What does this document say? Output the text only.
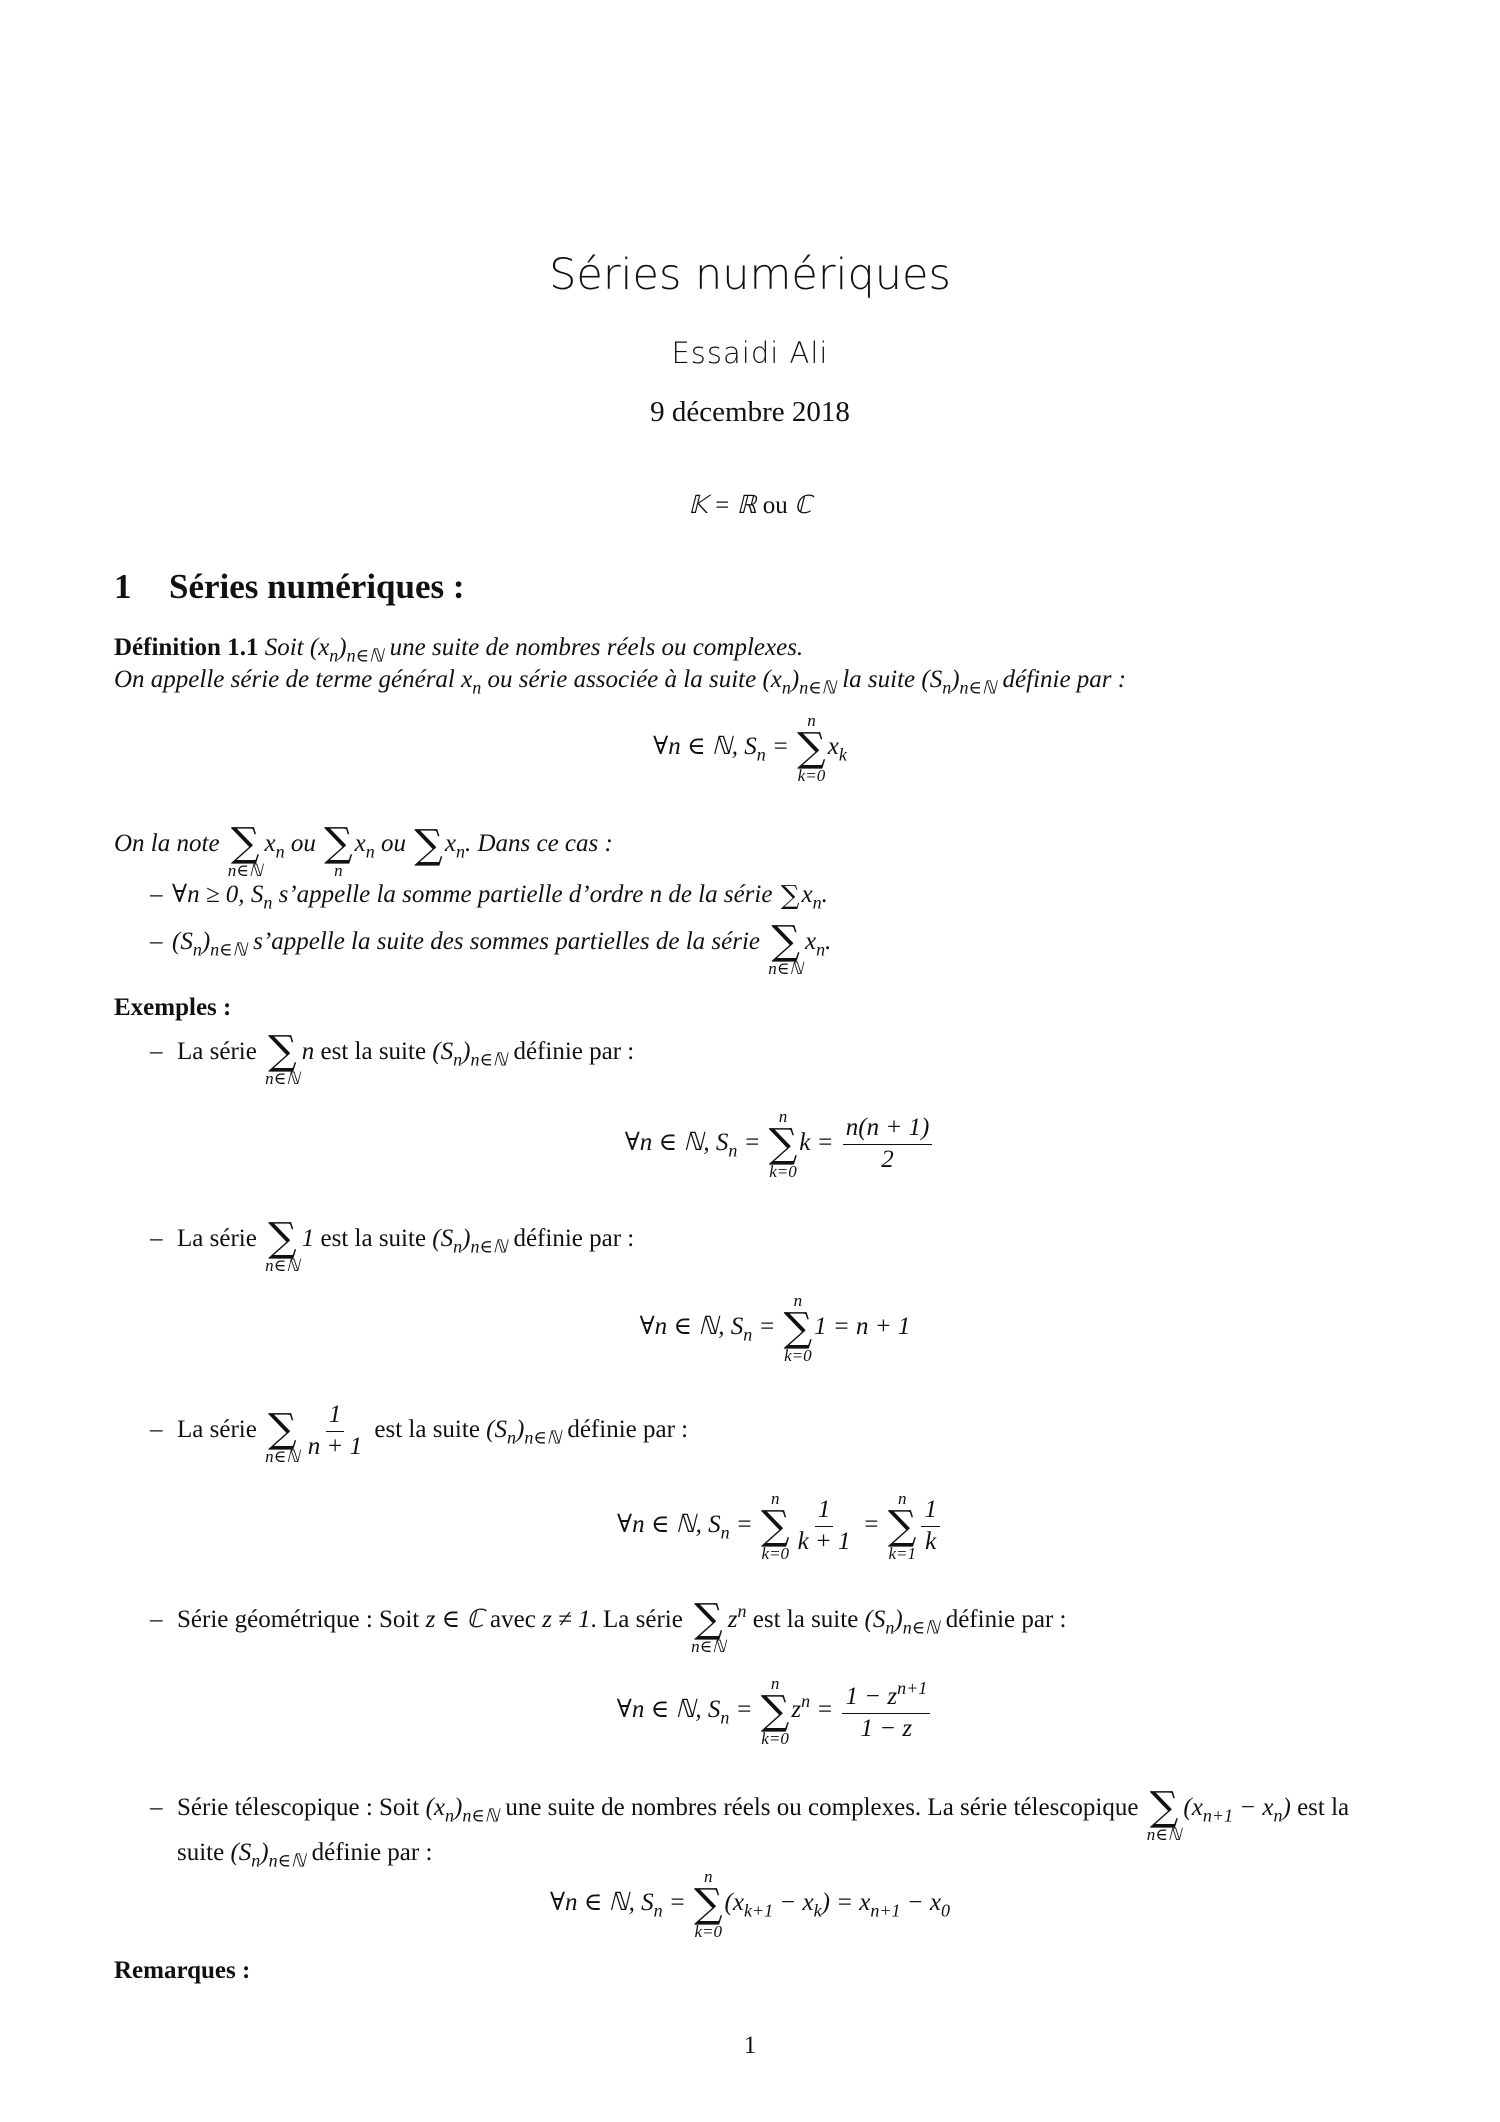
Séries numériques
Essaidi Ali
9 décembre 2018
𝕂 = ℝ ou ℂ
1 Séries numériques :
Définition 1.1 Soit $(x_n)_{n\in ℕ}$ une suite de nombres réels ou complexes.
On appelle série de terme général $x_n$ ou série associée à la suite $(x_n)_{n\in ℕ}$ la suite $(S_n)_{n\in ℕ}$ définie par :
∀n ∈ ℕ, $S_n$ =
n
∑
k=0
$x_k$
On la note ∑
n∈ℕ
$x_n$ ou ∑
n
$x_n$ ou ∑ $x_n$. Dans ce cas :
– ∀n ≥ 0, $S_n$ s’appelle la somme partielle d’ordre n de la série ∑ $x_n$.
– $(S_n)_{n\in ℕ}$ s’appelle la suite des sommes partielles de la série ∑
n∈ℕ
$x_n$.
Exemples :
– La série ∑
n∈ℕ
n est la suite $(S_n)_{n\in ℕ}$ définie par :
∀n ∈ ℕ, $S_n$ =
n
∑
k=0
$k = \frac{n(n + 1)}{2}$
– La série ∑
n∈ℕ
1 est la suite $(S_n)_{n\in ℕ}$ définie par :
∀n ∈ ℕ, $S_n$ =
n
∑
k=0
1 = n + 1
– La série ∑
n∈ℕ $\frac{1}{n + 1}$ est la suite $(S_n)_{n\in ℕ}$ définie par :
∀n ∈ ℕ, $S_n$ =
n
∑
$k=0 \frac{1}{k + 1}$ =
n
∑
$k=1 \frac{1}{k}$
– Série géométrique : Soit z ∈ ℂ avec z ≠ 1. La série ∑
n∈ℕ
$z^n$ est la suite $(S_n)_{n\in ℕ}$ définie par :
∀n ∈ ℕ, $S_n$ =
n
∑
k=0
$z^n = \frac{1 - z^{n+1}}{1 - z}$
– Série télescopique : Soit $(x_n)_{n\in ℕ}$ une suite de nombres réels ou complexes. La série télescopique ∑
n∈ℕ
$(x_{n+1} - x_n)$ est la
suite $(S_n)_{n\in ℕ}$ définie par :
∀n ∈ ℕ, $S_n$ =
n
∑
k=0
$(x_{k+1} - x_k) = x_{n+1} - x_0$
Remarques :
1
